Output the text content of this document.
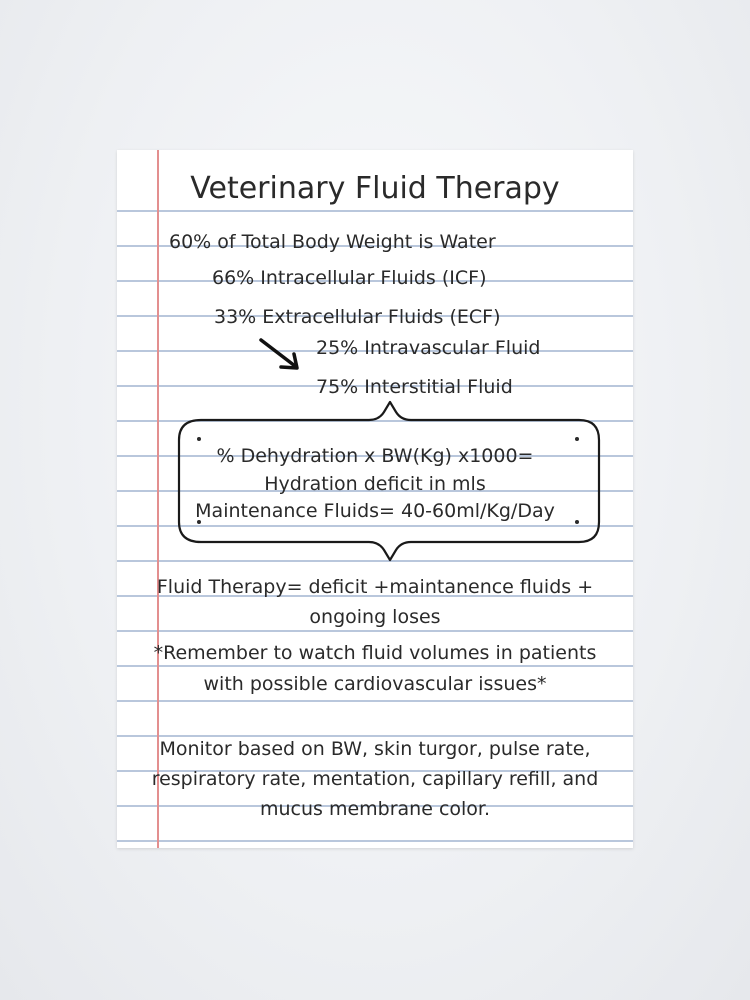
Veterinary Fluid Therapy
60% of Total Body Weight is Water
66% Intracellular Fluids (ICF)
33% Extracellular Fluids (ECF)
25% Intravascular Fluid
75% Interstitial Fluid
% Dehydration x BW(Kg) x1000=
Hydration deficit in mls
Maintenance Fluids= 40-60ml/Kg/Day
Fluid Therapy= deficit +maintanence fluids +
ongoing loses
*Remember to watch fluid volumes in patients
with possible cardiovascular issues*
Monitor based on BW, skin turgor, pulse rate,
respiratory rate, mentation, capillary refill, and
mucus membrane color.
